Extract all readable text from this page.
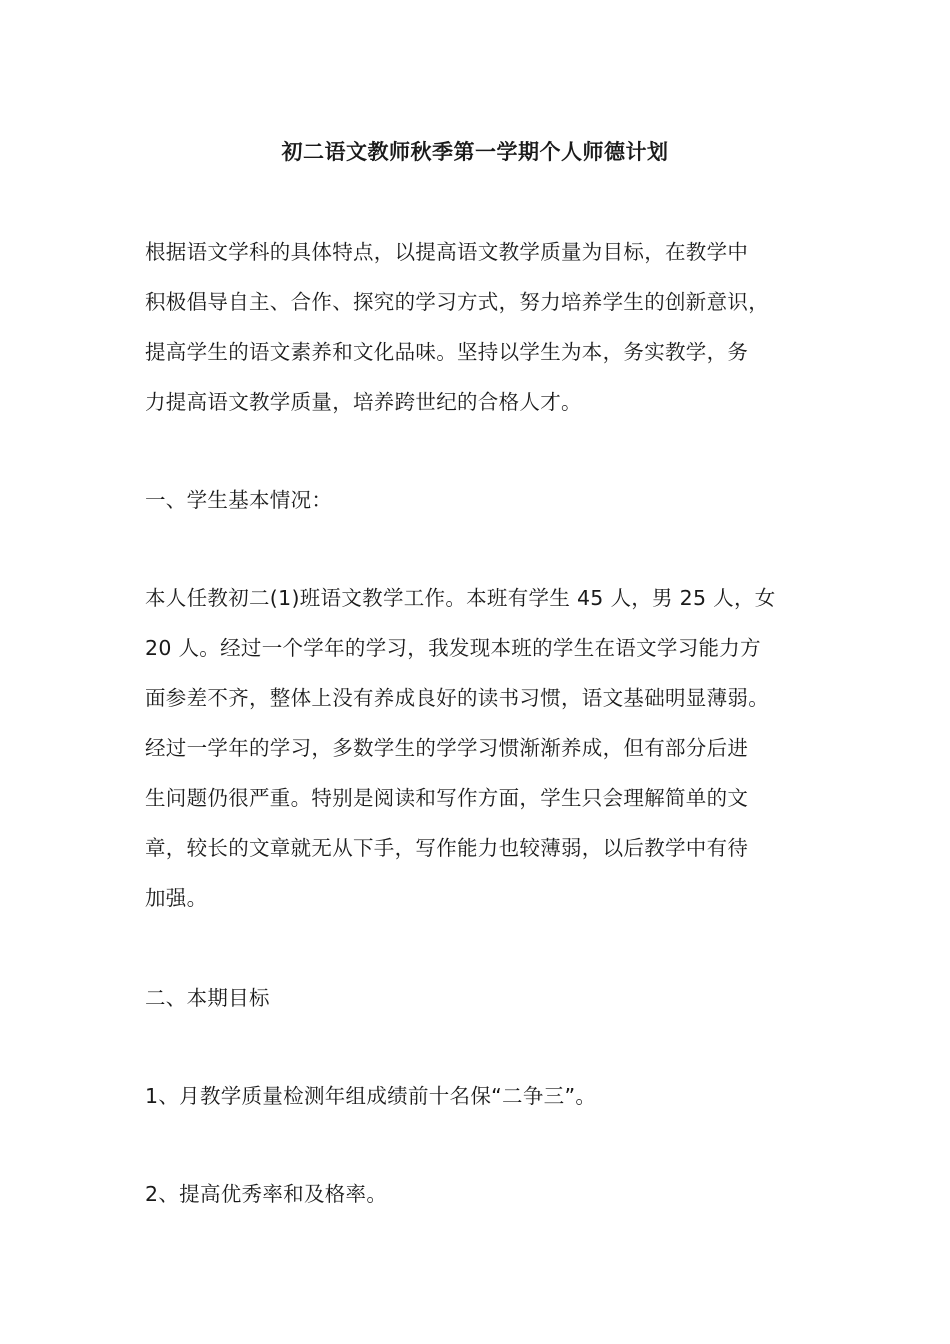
初二语文教师秋季第一学期个人师德计划
根据语文学科的具体特点，以提高语文教学质量为目标，在教学中
积极倡导自主、合作、探究的学习方式，努力培养学生的创新意识，
提高学生的语文素养和文化品味。坚持以学生为本，务实教学，务
力提高语文教学质量，培养跨世纪的合格人才。
一、学生基本情况：
本人任教初二(1)班语文教学工作。本班有学生 45 人，男 25 人，女
20 人。经过一个学年的学习，我发现本班的学生在语文学习能力方
面参差不齐，整体上没有养成良好的读书习惯，语文基础明显薄弱。
经过一学年的学习，多数学生的学学习惯渐渐养成，但有部分后进
生问题仍很严重。特别是阅读和写作方面，学生只会理解简单的文
章，较长的文章就无从下手，写作能力也较薄弱，以后教学中有待
加强。
二、本期目标
1、月教学质量检测年组成绩前十名保“二争三”。
2、提高优秀率和及格率。
